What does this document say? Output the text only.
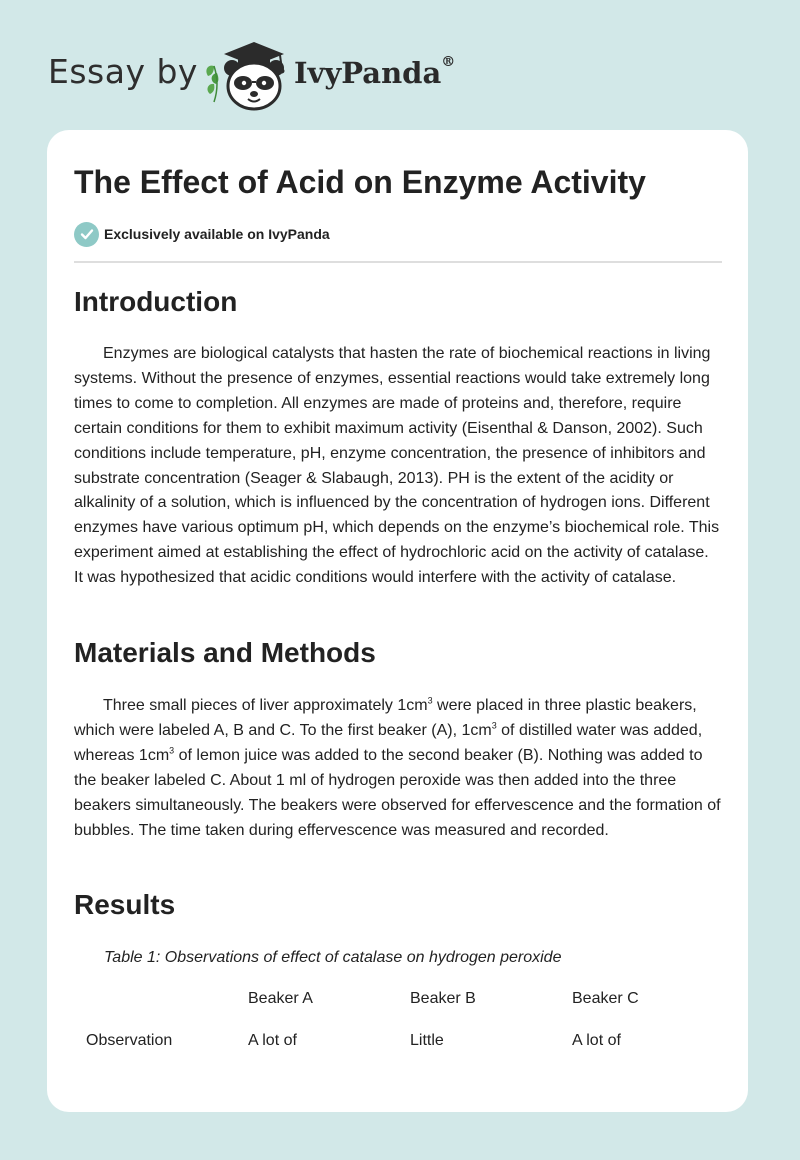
Essay by	IvyPanda®
The Effect of Acid on Enzyme Activity
Exclusively available on IvyPanda
Introduction

Enzymes are biological catalysts that hasten the rate of biochemical reactions in living systems. Without the presence of enzymes, essential reactions would take extremely long times to come to completion. All enzymes are made of proteins and, therefore, require certain conditions for them to exhibit maximum activity (Eisenthal & Danson, 2002). Such conditions include temperature, pH, enzyme concentration, the presence of inhibitors and substrate concentration (Seager & Slabaugh, 2013). PH is the extent of the acidity or alkalinity of a solution, which is influenced by the concentration of hydrogen ions. Different enzymes have various optimum pH, which depends on the enzyme’s biochemical role. This experiment aimed at establishing the effect of hydrochloric acid on the activity of catalase. It was hypothesized that acidic conditions would interfere with the activity of catalase.

Materials and Methods

Three small pieces of liver approximately $1cm^3$ were placed in three plastic beakers, which were labeled A, B and C. To the first beaker (A), $1cm^3$ of distilled water was added, whereas $1cm^3$ of lemon juice was added to the second beaker (B). Nothing was added to the beaker labeled C. About 1 ml of hydrogen peroxide was then added into the three beakers simultaneously. The beakers were observed for effervescence and the formation of bubbles. The time taken during effervescence was measured and recorded.

Results

Table 1: Observations of effect of catalase on hydrogen peroxide

	Beaker A	Beaker B	Beaker C
Observation	A lot of	Little	A lot of
